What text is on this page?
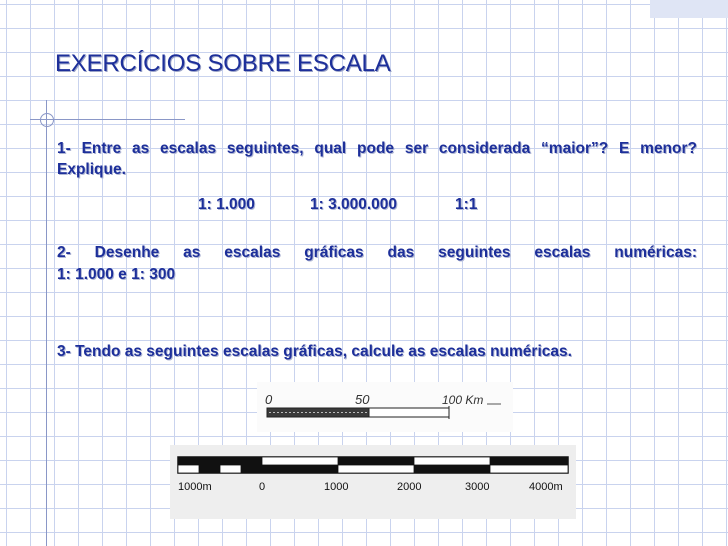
EXERCÍCIOS SOBRE ESCALA
1- Entre as escalas seguintes, qual pode ser considerada “maior”? E menor? Explique.
1: 1.000	1: 3.000.000	1:1
2- Desenhe as escalas gráficas das seguintes escalas numéricas:
1: 1.000 e 1: 300
3- Tendo as seguintes escalas gráficas, calcule as escalas numéricas.
0	50	100 Km
1000m	0	1000	2000	3000	4000m
